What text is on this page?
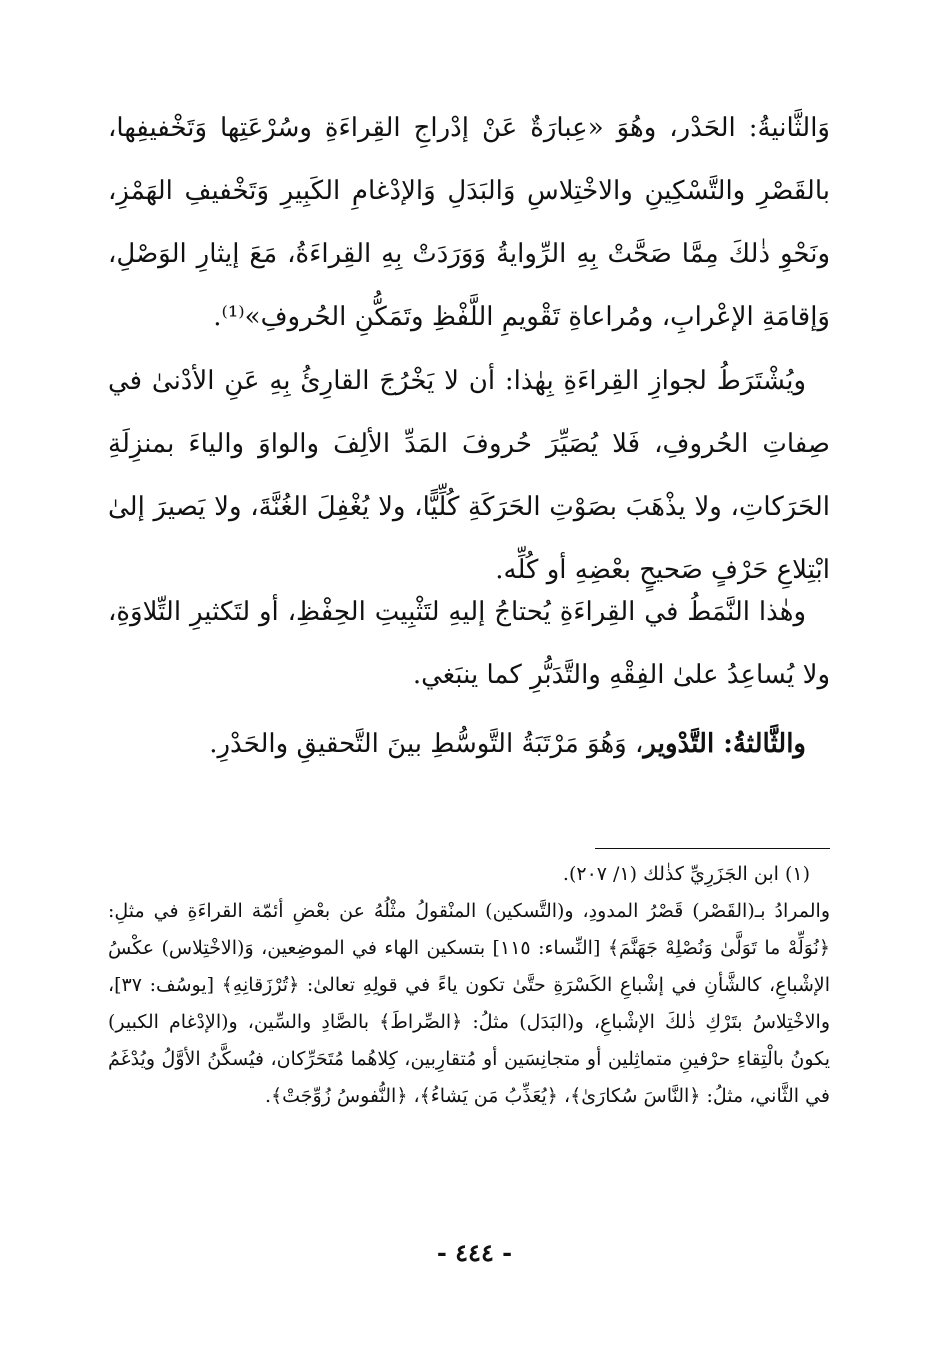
وَالثَّانيةُ: الحَدْر، وهُوَ «عِبارَةٌ عَنْ إدْراجِ القِراءَةِ وسُرْعَتِها وَتَخْفيفِها، بالقَصْرِ والتَّسْكِينِ والاخْتِلاسِ وَالبَدَلِ وَالإدْغامِ الكَبِيرِ وَتَخْفيفِ الهَمْزِ، ونَحْوِ ذٰلكَ مِمَّا صَحَّتْ بِهِ الرِّوايةُ وَوَرَدَتْ بِهِ القِراءَةُ، مَعَ إيثارِ الوَصْلِ، وَإقامَةِ الإعْرابِ، ومُراعاةِ تَقْويمِ اللَّفْظِ وتَمَكُّنِ الحُروفِ»⁽¹⁾.

ويُشْتَرَطُ لجوازِ القِراءَةِ بِهٰذا: أن لا يَخْرُجَ القارِئُ بِهِ عَنِ الأدْنىٰ في صِفاتِ الحُروفِ، فَلا يُصَيِّرَ حُروفَ المَدِّ الألِفَ والواوَ والياءَ بمنزِلَةِ الحَرَكاتِ، ولا يذْهَبَ بصَوْتِ الحَرَكَةِ كُلِّيًّا، ولا يُغْفِلَ الغُنَّةَ، ولا يَصيرَ إلىٰ ابْتِلاعِ حَرْفٍ صَحيحٍ بعْضِهِ أو كُلِّه.

وهٰذا النَّمَطُ في القِراءَةِ يُحتاجُ إليهِ لتَثْبِيتِ الحِفْظِ، أو لتَكثيرِ التِّلاوَةِ، ولا يُساعِدُ علىٰ الفِقْهِ والتَّدَبُّرِ كما ينبَغي.

والثَّالثةُ: التَّدْوير، وَهُوَ مَرْتَبَةُ التَّوسُّطِ بينَ التَّحقيقِ والحَدْرِ.

(١) ابن الجَزَرِيِّ كذٰلك (١/ ٢٠٧).

والمرادُ بـ(القَصْر) قَصْرُ المدودِ، و(التَّسكين) المنْقولُ مثْلُهُ عن بعْضِ أئمّة القراءَةِ في مثلِ: ﴿نُوَلِّهْ ما تَوَلَّىٰ وَنُصْلِهْ جَهَنَّمَ﴾ [النِّساء: ١١٥] بتسكين الهاء في الموضِعين، وَ(الاخْتِلاس) عكْسُ الإشْباعِ، كالشَّأنِ في إشْباعِ الكَسْرَةِ حتَّىٰ تكون ياءً في قولِهِ تعالىٰ: ﴿تُرْزَقانِهِ﴾ [يوسُف: ٣٧]، والاخْتِلاسُ بتَرْكِ ذٰلكَ الإشْباعِ، و(البَدَل) مثلُ: ﴿الصِّراطَ﴾ بالصَّادِ والسِّين، و(الإدْغام الكبير) يكونُ بالْتِقاءِ حرْفينِ متماثِلين أو متجانِسَين أو مُتقارِبين، كِلاهُما مُتَحَرِّكان، فيُسكَّنُ الأوَّلُ ويُدْغَمُ في الثَّاني، مثلُ: ﴿النَّاسَ سُكارَىٰ﴾، ﴿يُعَذِّبُ مَن يَشاءُ﴾، ﴿النُّفوسُ زُوِّجَتْ﴾.

- ٤٤٤ -
